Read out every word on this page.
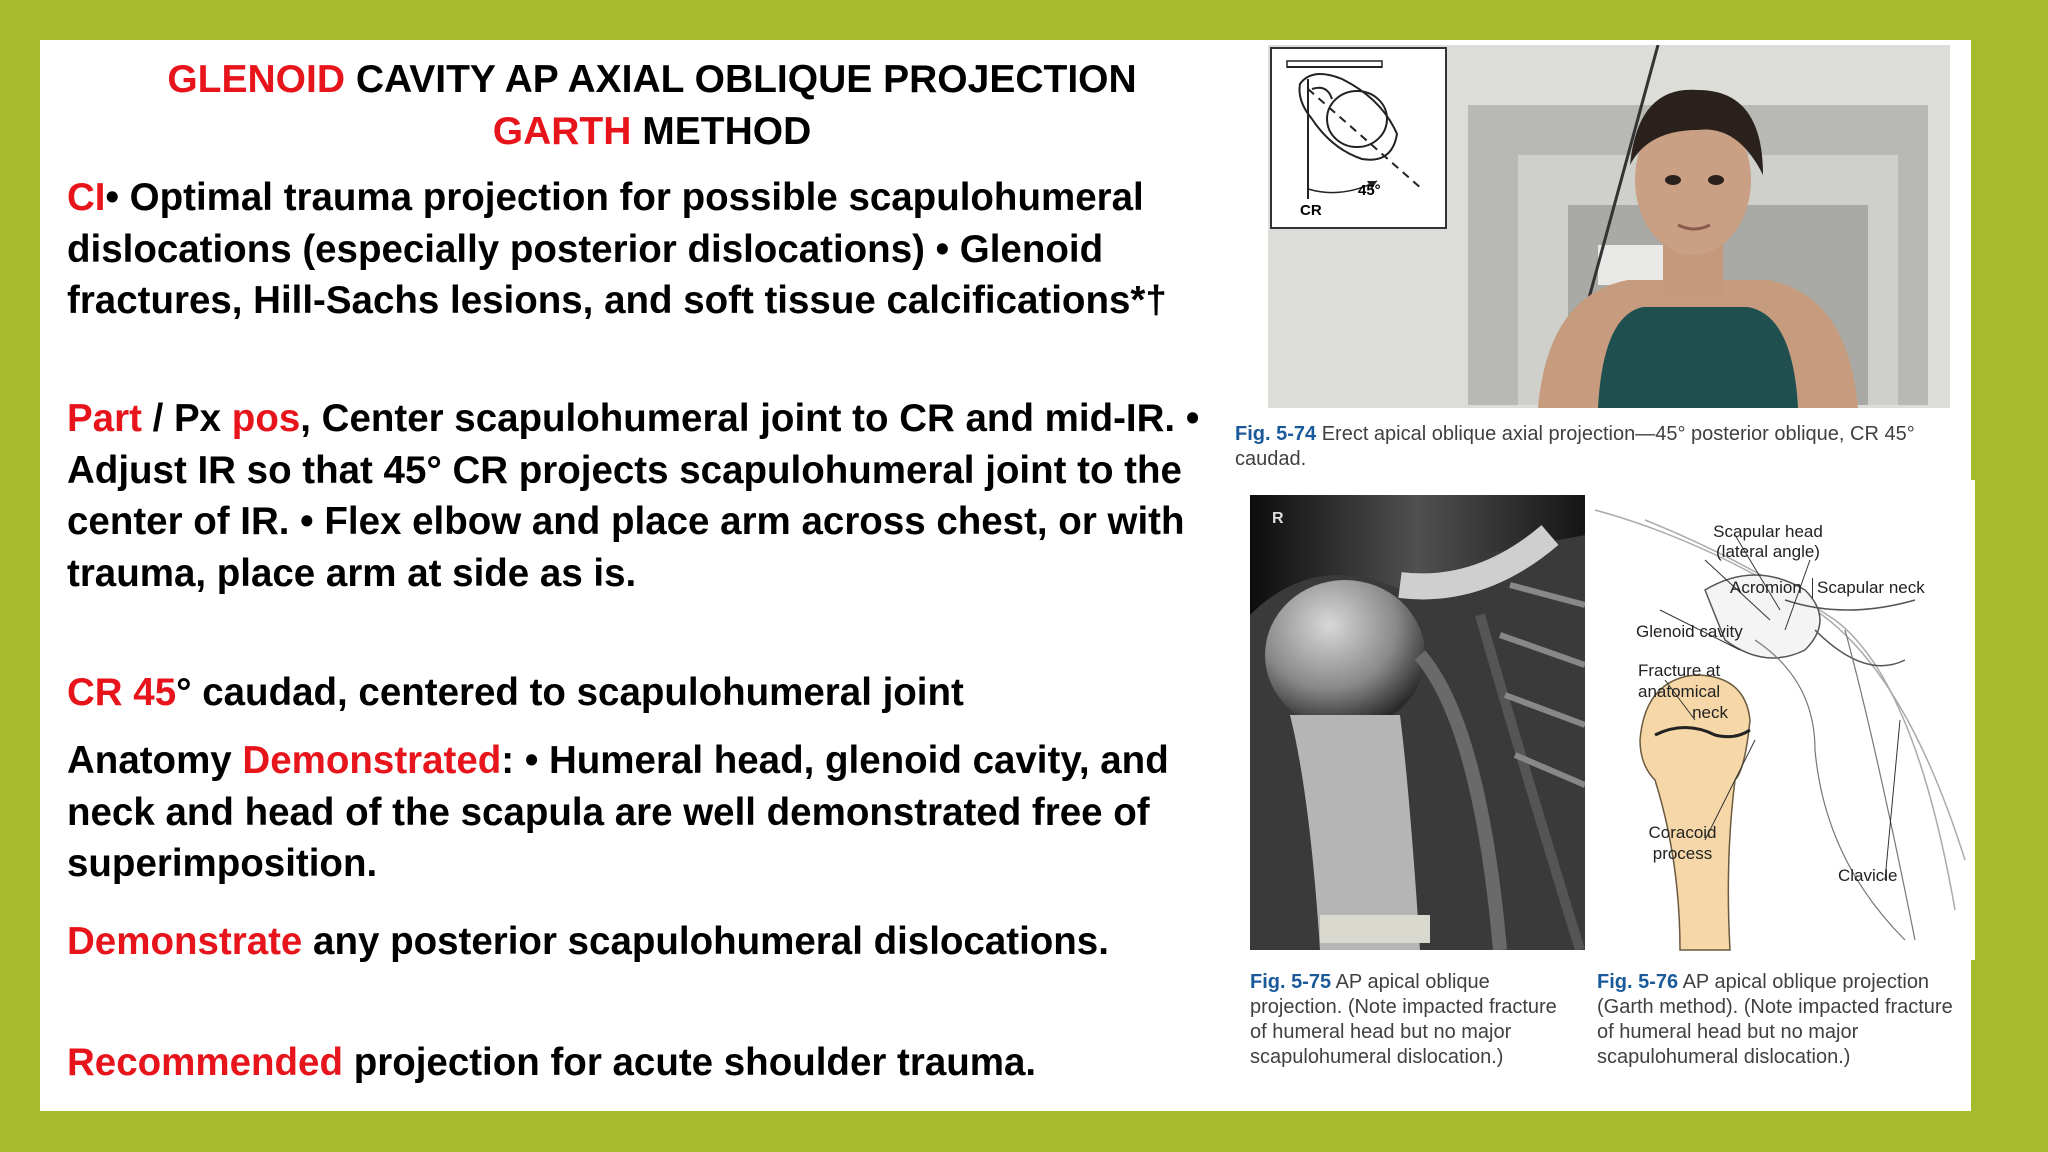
GLENOID CAVITY AP AXIAL OBLIQUE PROJECTION
GARTH METHOD
CI• Optimal trauma projection for possible scapulohumeral dislocations (especially posterior dislocations) • Glenoid fractures, Hill-Sachs lesions, and soft tissue calcifications*†
Part / Px pos, Center scapulohumeral joint to CR and mid-IR. • Adjust IR so that 45° CR projects scapulohumeral joint to the center of IR. • Flex elbow and place arm across chest, or with trauma, place arm at side as is.
CR 45° caudad, centered to scapulohumeral joint
Anatomy Demonstrated: • Humeral head, glenoid cavity, and neck and head of the scapula are well demonstrated free of superimposition.
Demonstrate any posterior scapulohumeral dislocations.
Recommended projection for acute shoulder trauma.
45°
CR
Fig. 5-74 Erect apical oblique axial projection—45° posterior oblique, CR 45° caudad.
R
Fig. 5-75 AP apical oblique projection. (Note impacted fracture of humeral head but no major scapulohumeral dislocation.)
Scapular head
(lateral angle)
Acromion Scapular neck
Glenoid cavity
Fracture at
anatomical
neck
Coracoid
process
Clavicle
Fig. 5-76 AP apical oblique projection (Garth method). (Note impacted fracture of humeral head but no major scapulohumeral dislocation.)
